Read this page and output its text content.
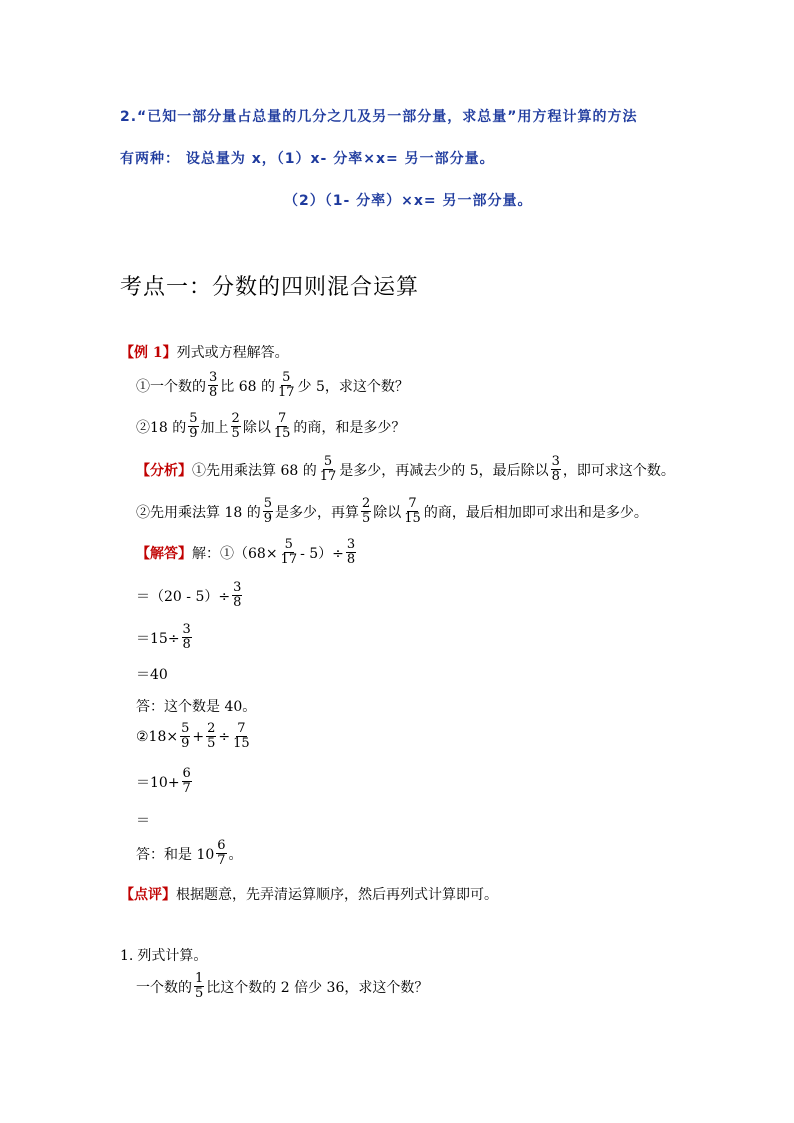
2.“已知一部分量占总量的几分之几及另一部分量，求总量”用方程计算的方法
有两种： 设总量为 x，（1）x- 分率×x= 另一部分量。
（2）（1- 分率）×x= 另一部分量。
考点一：分数的四则混合运算
【例 1】列式或方程解答。
①一个数的 $\frac{3}{8}$ 比 68 的 $\frac{5}{17}$ 少 5，求这个数？
②18 的 $\frac{5}{9}$ 加上 $\frac{2}{5}$ 除以 $\frac{7}{15}$ 的商，和是多少？
【分析】 ①先用乘法算 68 的 $\frac{5}{17}$ 是多少，再减去少的 5，最后除以 $\frac{3}{8}$ ，即可求这个数。
②先用乘法算 18 的 $\frac{5}{9}$ 是多少，再算 $\frac{2}{5}$ 除以 $\frac{7}{15}$ 的商，最后相加即可求出和是多少。
【解答】 解：①（68× $\frac{5}{17} - 5)\div \frac{3}{8}$
$=(20 - 5)\div \frac{3}{8}$
$=15\div \frac{3}{8}$
＝40
答：这个数是 40。
②18× $\frac{5}{9} + \frac{2}{5} \div \frac{7}{15}$
$=10+ \frac{6}{7}$
＝
答：和是 $10 \frac{6}{7}$ 。
【点评】根据题意，先弄清运算顺序，然后再列式计算即可。
1. 列式计算。
一个数的 $\frac{1}{5}$ 比这个数的 2 倍少 36，求这个数？
